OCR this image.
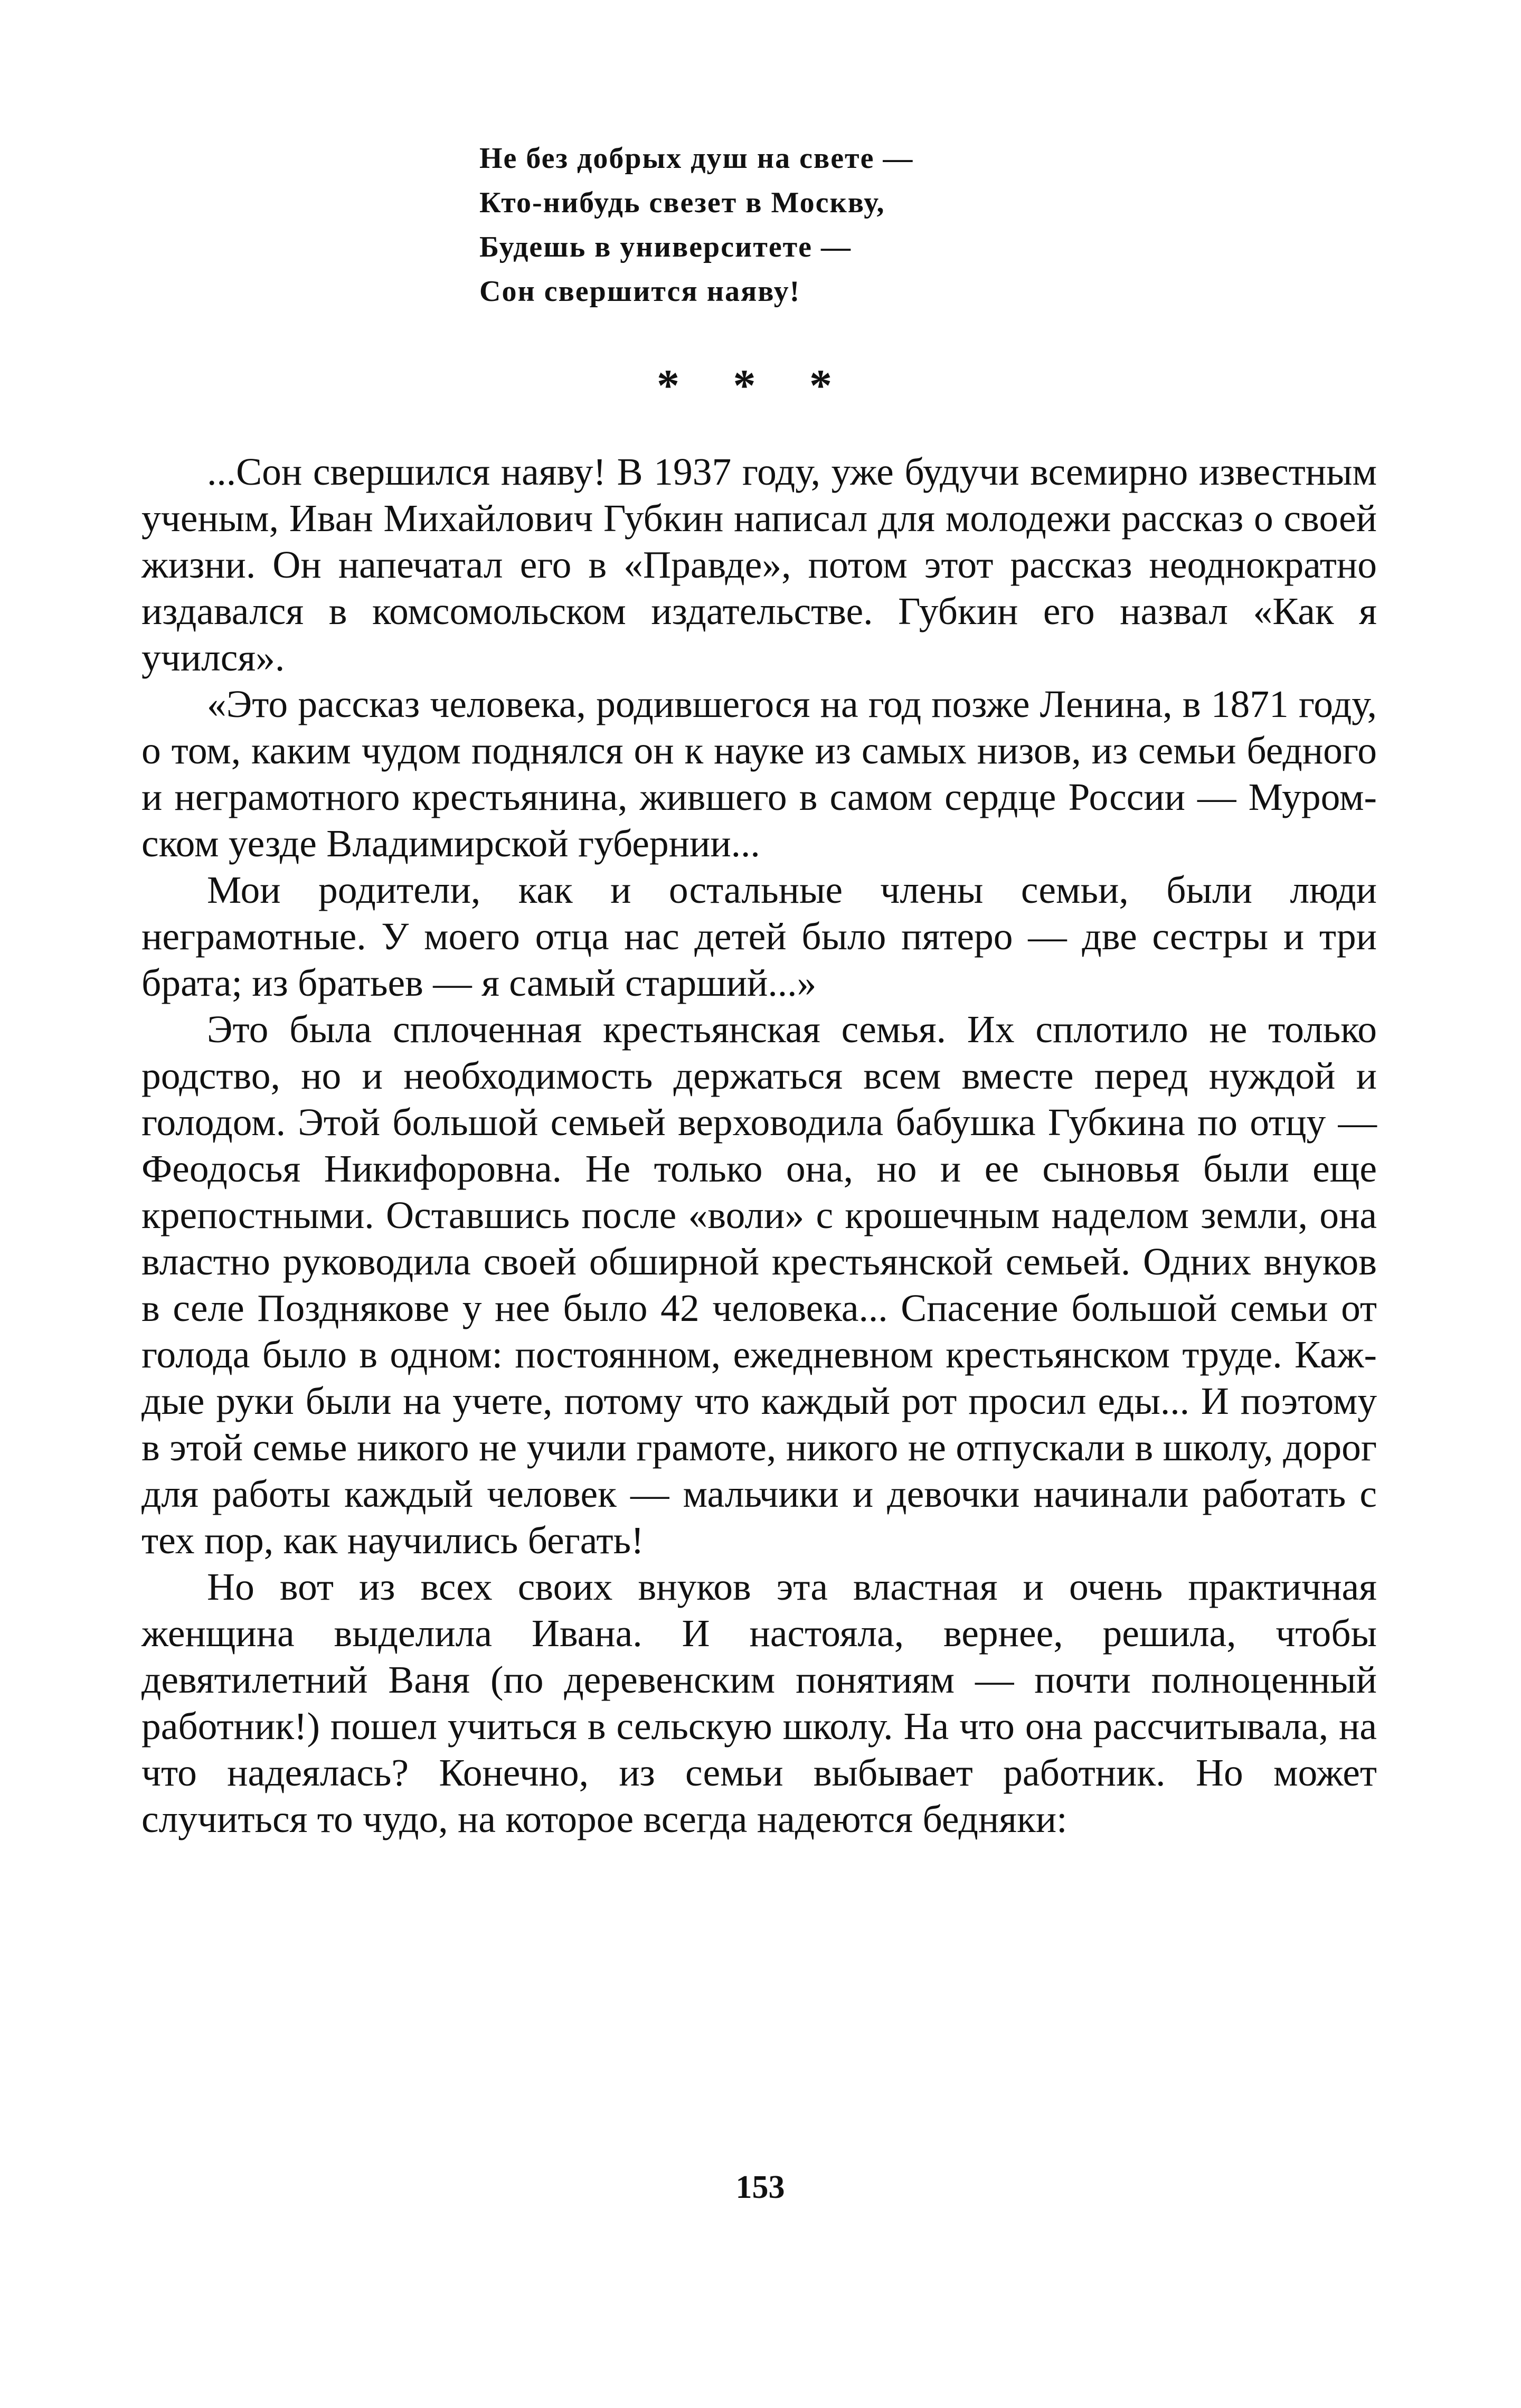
Не без добрых душ на свете —
Кто-нибудь свезет в Москву,
Будешь в университете —
Сон свершится наяву!
* * *

...Сон свершился наяву! В 1937 году, уже будучи всемирно известным ученым, Иван Михайлович Губкин написал для молодежи рассказ о своей жизни. Он напечатал его в «Правде», потом этот рассказ неоднократно издавался в комсомольском издательстве. Губкин его назвал «Как я учился».

«Это рассказ человека, родившегося на год позже Ленина, в 1871 году, о том, каким чудом поднялся он к науке из самых низов, из семьи бедного и неграмотного крестьянина, жившего в самом сердце России — Муромском уезде Владимирской губернии...

Мои родители, как и остальные члены семьи, были люди неграмотные. У моего отца нас детей было пятеро — две сестры и три брата; из братьев — я самый старший...»

Это была сплоченная крестьянская семья. Их сплотило не только родство, но и необходимость держаться всем вместе перед нуждой и голодом. Этой большой семьей верховодила бабушка Губкина по отцу — Феодосья Никифоровна. Не только она, но и ее сыновья были еще крепостными. Оставшись после «воли» с крошечным наделом земли, она властно руководила своей обширной крестьянской семьей. Одних внуков в селе Позднякове у нее было 42 человека... Спасение большой семьи от голода было в одном: постоянном, ежедневном крестьянском труде. Каждые руки были на учете, потому что каждый рот просил еды... И поэтому в этой семье никого не учили грамоте, никого не отпускали в школу, дорог для работы каждый человек — мальчики и девочки начинали работать с тех пор, как научились бегать!

Но вот из всех своих внуков эта властная и очень практичная женщина выделила Ивана. И настояла, вернее, решила, чтобы девятилетний Ваня (по деревенским понятиям — почти полноценный работник!) пошел учиться в сельскую школу. На что она рассчитывала, на что надеялась? Конечно, из семьи выбывает работник. Но может случиться то чудо, на которое всегда надеются бедняки:

153
